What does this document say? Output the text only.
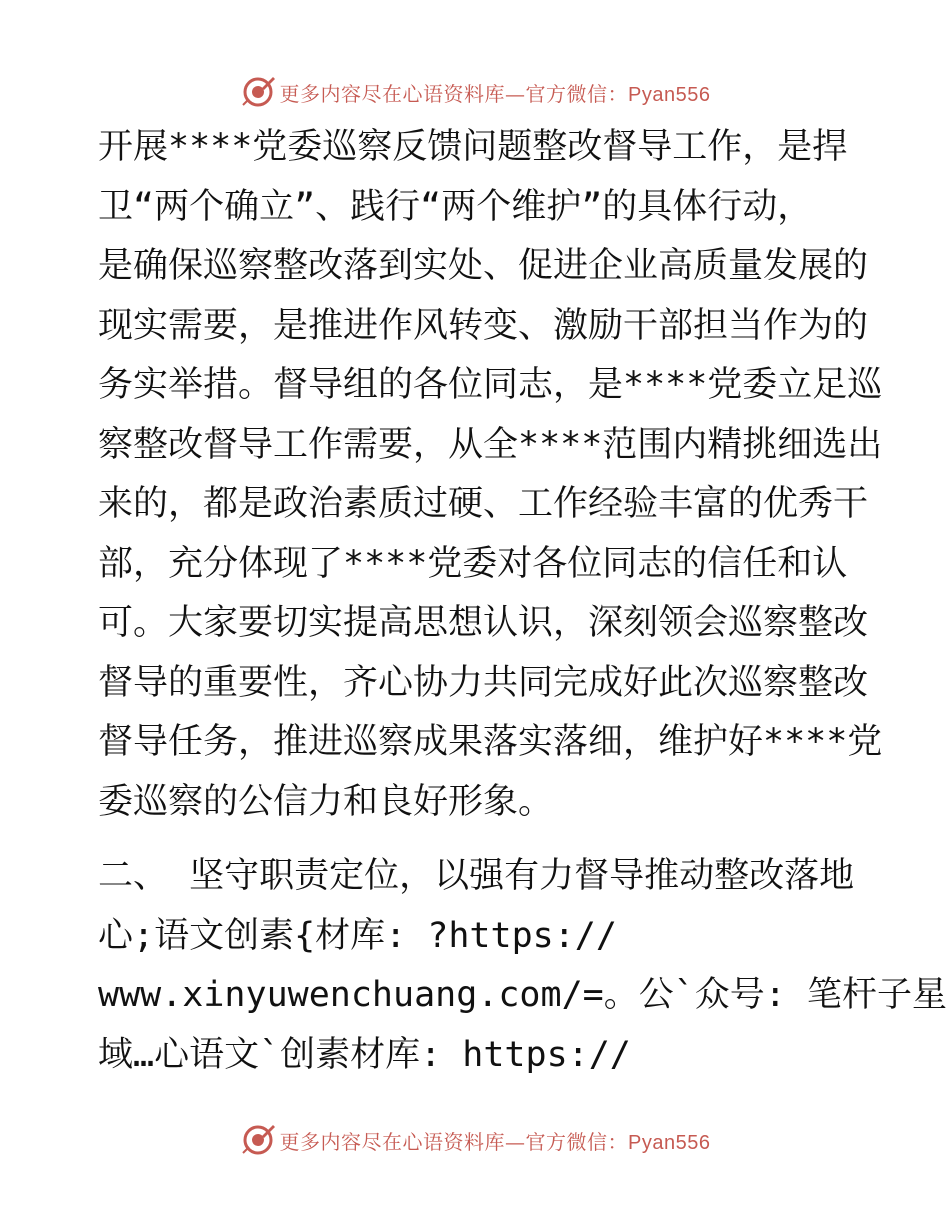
更多内容尽在心语资料库—官方微信：Pyan556
开展****党委巡察反馈问题整改督导工作，是捍
卫“两个确立”、践行“两个维护”的具体行动，
是确保巡察整改落到实处、促进企业高质量发展的
现实需要，是推进作风转变、激励干部担当作为的
务实举措。督导组的各位同志，是****党委立足巡
察整改督导工作需要，从全****范围内精挑细选出
来的，都是政治素质过硬、工作经验丰富的优秀干
部，充分体现了****党委对各位同志的信任和认
可。大家要切实提高思想认识，深刻领会巡察整改
督导的重要性，齐心协力共同完成好此次巡察整改
督导任务，推进巡察成果落实落细，维护好****党
委巡察的公信力和良好形象。
二、 坚守职责定位，以强有力督导推动整改落地
心;语文创素{材库: ?https://
www.xinyuwenchuang.com/=。公`众号: 笔杆子星
域…心语文`创素材库: https://
更多内容尽在心语资料库—官方微信：Pyan556
